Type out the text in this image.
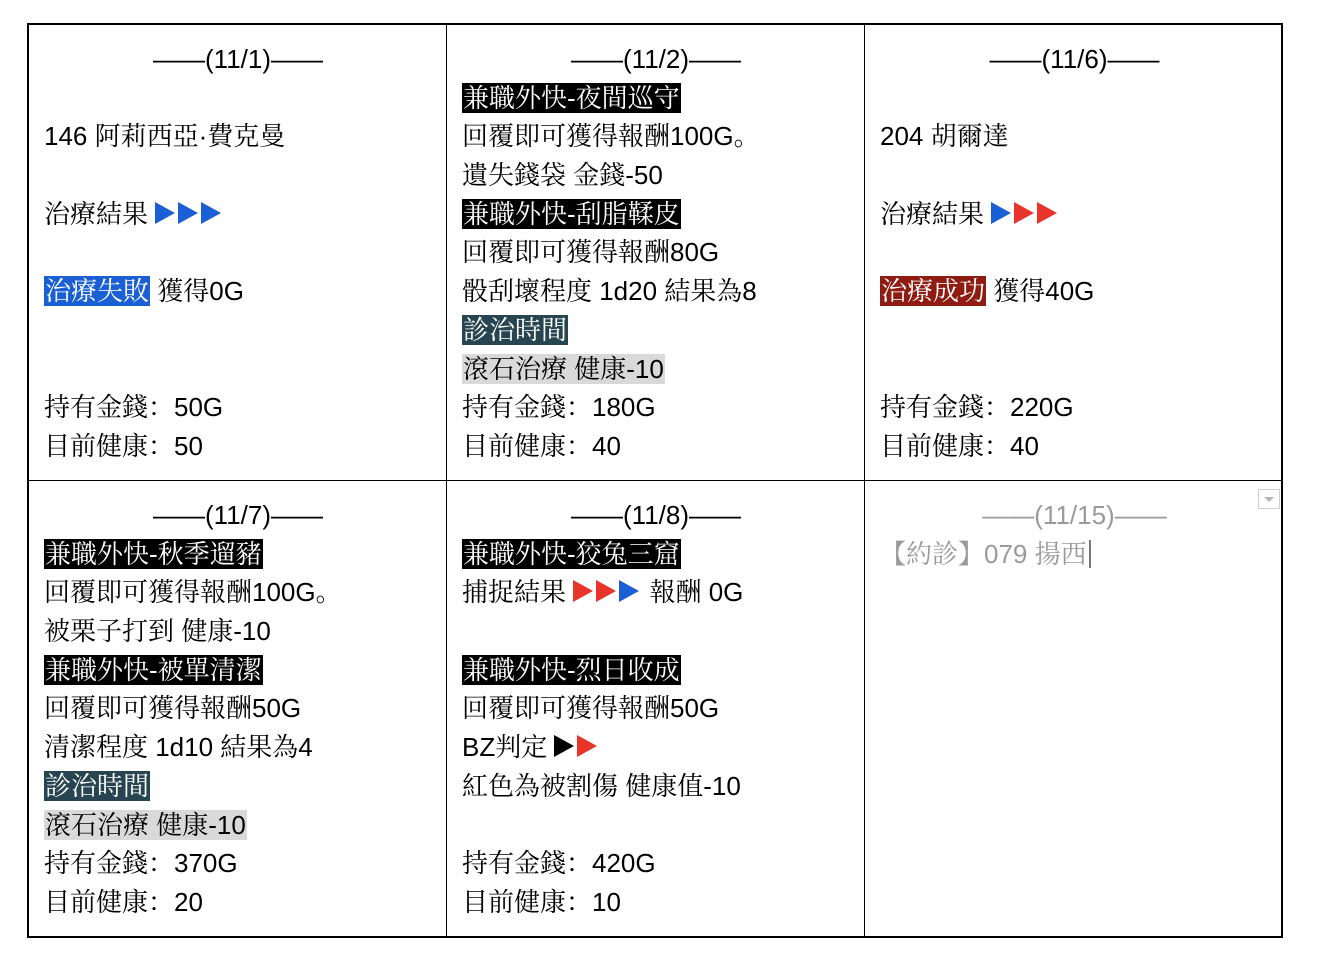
——(11/1)——
146 阿莉西亞·費克曼
治療結果
治療失敗 獲得0G
持有金錢：50G
目前健康：50
——(11/2)——
兼職外快-夜間巡守
回覆即可獲得報酬100G。
遺失錢袋 金錢-50
兼職外快-刮脂鞣皮
回覆即可獲得報酬80G
骰刮壞程度 1d20 結果為8
診治時間
滾石治療 健康-10
持有金錢：180G
目前健康：40
——(11/6)——
204 胡爾達
治療結果
治療成功 獲得40G
持有金錢：220G
目前健康：40
——(11/7)——
兼職外快-秋季遛豬
回覆即可獲得報酬100G。
被栗子打到 健康-10
兼職外快-被單清潔
回覆即可獲得報酬50G
清潔程度 1d10 結果為4
診治時間
滾石治療 健康-10
持有金錢：370G
目前健康：20
——(11/8)——
兼職外快-狡兔三窟
捕捉結果	報酬 0G
兼職外快-烈日收成
回覆即可獲得報酬50G
BZ判定
紅色為被割傷 健康值-10
持有金錢：420G
目前健康：10
——(11/15)——
【約診】079 揚西
